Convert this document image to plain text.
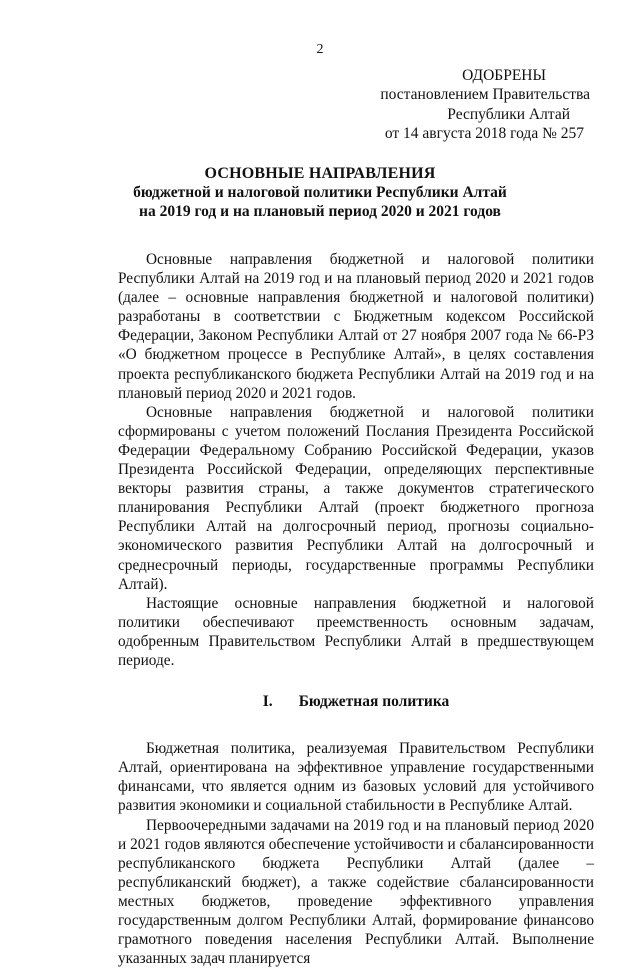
2
ОДОБРЕНЫ
постановлением Правительства
Республики Алтай
от 14 августа 2018 года № 257
ОСНОВНЫЕ НАПРАВЛЕНИЯ
бюджетной и налоговой политики Республики Алтай
на 2019 год и на плановый период 2020 и 2021 годов

Основные направления бюджетной и налоговой политики Республики Алтай на 2019 год и на плановый период 2020 и 2021 годов (далее – основные направления бюджетной и налоговой политики) разработаны в соответствии с Бюджетным кодексом Российской Федерации, Законом Республики Алтай от 27 ноября 2007 года № 66-РЗ «О бюджетном процессе в Республике Алтай», в целях составления проекта республиканского бюджета Республики Алтай на 2019 год и на плановый период 2020 и 2021 годов.

Основные направления бюджетной и налоговой политики сформированы с учетом положений Послания Президента Российской Федерации Федеральному Собранию Российской Федерации, указов Президента Российской Федерации, определяющих перспективные векторы развития страны, а также документов стратегического планирования Республики Алтай (проект бюджетного прогноза Республики Алтай на долгосрочный период, прогнозы социально-экономического развития Республики Алтай на долгосрочный и среднесрочный периоды, государственные программы Республики Алтай).

Настоящие основные направления бюджетной и налоговой политики обеспечивают преемственность основным задачам, одобренным Правительством Республики Алтай в предшествующем периоде.

I. Бюджетная политика

Бюджетная политика, реализуемая Правительством Республики Алтай, ориентирована на эффективное управление государственными финансами, что является одним из базовых условий для устойчивого развития экономики и социальной стабильности в Республике Алтай.

Первоочередными задачами на 2019 год и на плановый период 2020 и 2021 годов являются обеспечение устойчивости и сбалансированности республиканского бюджета Республики Алтай (далее – республиканский бюджет), а также содействие сбалансированности местных бюджетов, проведение эффективного управления государственным долгом Республики Алтай, формирование финансово грамотного поведения населения Республики Алтай. Выполнение указанных задач планируется
